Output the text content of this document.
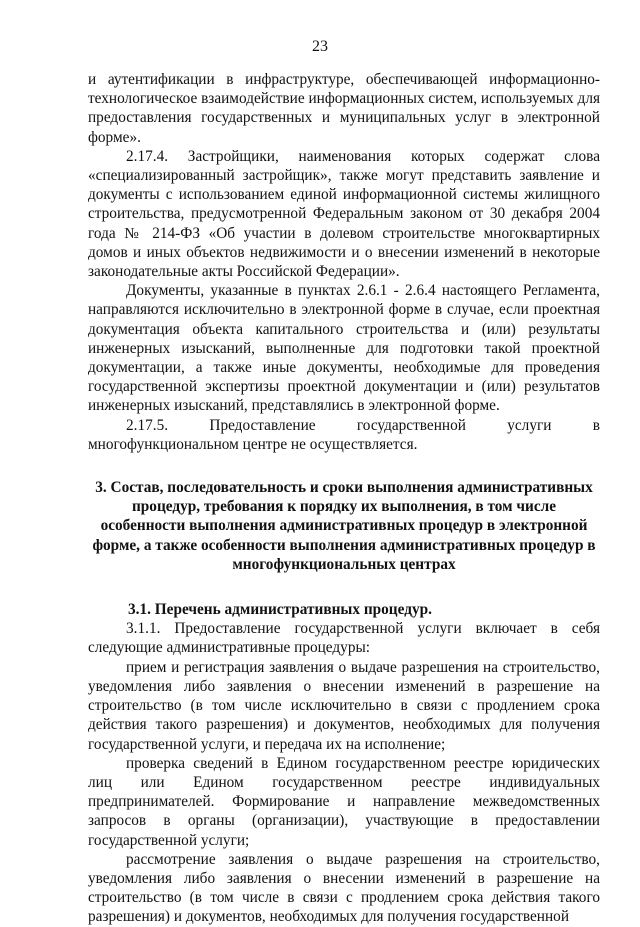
23

и аутентификации в инфраструктуре, обеспечивающей информационно-технологическое взаимодействие информационных систем, используемых для предоставления государственных и муниципальных услуг в электронной форме».

2.17.4. Застройщики, наименования которых содержат слова «специализированный застройщик», также могут представить заявление и документы с использованием единой информационной системы жилищного строительства, предусмотренной Федеральным законом от 30 декабря 2004 года № 214-ФЗ «Об участии в долевом строительстве многоквартирных домов и иных объектов недвижимости и о внесении изменений в некоторые законодательные акты Российской Федерации».

Документы, указанные в пунктах 2.6.1 - 2.6.4 настоящего Регламента, направляются исключительно в электронной форме в случае, если проектная документация объекта капитального строительства и (или) результаты инженерных изысканий, выполненные для подготовки такой проектной документации, а также иные документы, необходимые для проведения государственной экспертизы проектной документации и (или) результатов инженерных изысканий, представлялись в электронной форме.

2.17.5. Предоставление государственной услуги в многофункциональном центре не осуществляется.

3. Состав, последовательность и сроки выполнения административных процедур, требования к порядку их выполнения, в том числе особенности выполнения административных процедур в электронной форме, а также особенности выполнения административных процедур в многофункциональных центрах
3.1. Перечень административных процедур.

3.1.1. Предоставление государственной услуги включает в себя следующие административные процедуры:

прием и регистрация заявления о выдаче разрешения на строительство, уведомления либо заявления о внесении изменений в разрешение на строительство (в том числе исключительно в связи с продлением срока действия такого разрешения) и документов, необходимых для получения государственной услуги, и передача их на исполнение;

проверка сведений в Едином государственном реестре юридических лиц или Едином государственном реестре индивидуальных предпринимателей. Формирование и направление межведомственных запросов в органы (организации), участвующие в предоставлении государственной услуги;

рассмотрение заявления о выдаче разрешения на строительство, уведомления либо заявления о внесении изменений в разрешение на строительство (в том числе в связи с продлением срока действия такого разрешения) и документов, необходимых для получения государственной
